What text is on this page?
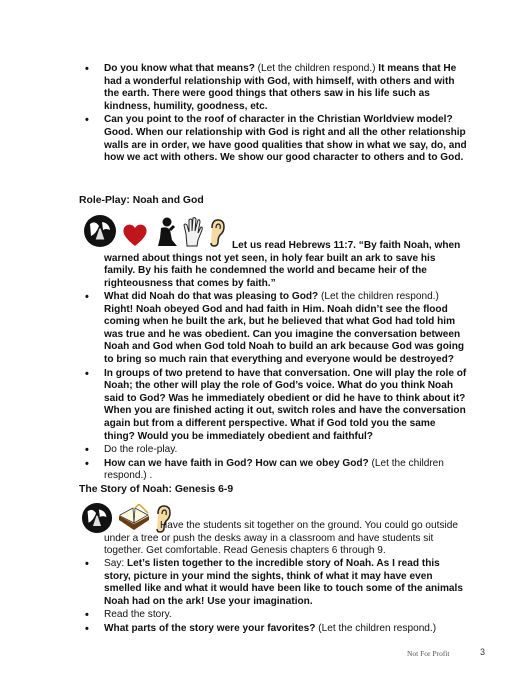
• Do you know what that means? (Let the children respond.) It means that He had a wonderful relationship with God, with himself, with others and with the earth. There were good things that others saw in his life such as kindness, humility, goodness, etc.
• Can you point to the roof of character in the Christian Worldview model? Good. When our relationship with God is right and all the other relationship walls are in order, we have good qualities that show in what we say, do, and how we act with others. We show our good character to others and to God.
Role-Play: Noah and God
Let us read Hebrews 11:7. “By faith Noah, when warned about things not yet seen, in holy fear built an ark to save his family. By his faith he condemned the world and became heir of the righteousness that comes by faith.”
• What did Noah do that was pleasing to God? (Let the children respond.) Right! Noah obeyed God and had faith in Him. Noah didn’t see the flood coming when he built the ark, but he believed that what God had told him was true and he was obedient. Can you imagine the conversation between Noah and God when God told Noah to build an ark because God was going to bring so much rain that everything and everyone would be destroyed?
• In groups of two pretend to have that conversation. One will play the role of Noah; the other will play the role of God’s voice. What do you think Noah said to God? Was he immediately obedient or did he have to think about it? When you are finished acting it out, switch roles and have the conversation again but from a different perspective. What if God told you the same thing? Would you be immediately obedient and faithful?
• Do the role-play.
• How can we have faith in God? How can we obey God? (Let the children respond.) .
The Story of Noah: Genesis 6-9
Have the students sit together on the ground. You could go outside under a tree or push the desks away in a classroom and have students sit together. Get comfortable. Read Genesis chapters 6 through 9.
• Say: Let’s listen together to the incredible story of Noah. As I read this story, picture in your mind the sights, think of what it may have even smelled like and what it would have been like to touch some of the animals Noah had on the ark! Use your imagination.
• Read the story.
• What parts of the story were your favorites? (Let the children respond.)
Not For Profit	3
